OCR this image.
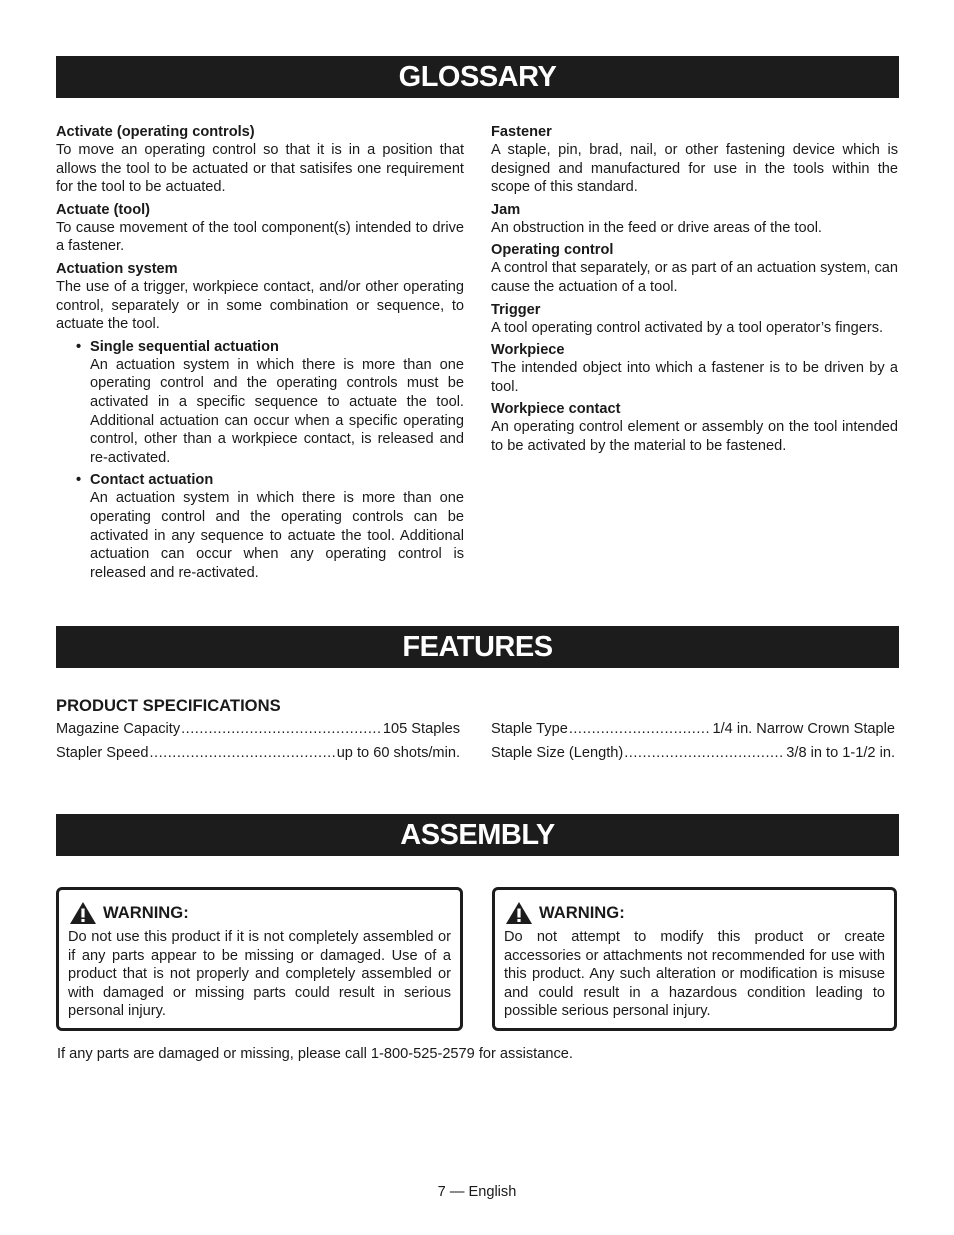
GLOSSARY
Activate (operating controls)
To move an operating control so that it is in a position that allows the tool to be actuated or that satisifes one requirement for the tool to be actuated.
Actuate (tool)
To cause movement of the tool component(s) intended to drive a fastener.
Actuation system
The use of a trigger, workpiece contact, and/or other operating control, separately or in some combination or sequence, to actuate the tool.
• Single sequential actuation
An actuation system in which there is more than one operating control and the operating controls must be activated in a specific sequence to actuate the tool. Additional actuation can occur when a specific operating control, other than a workpiece contact, is released and re-activated.
• Contact actuation
An actuation system in which there is more than one operating control and the operating controls can be activated in any sequence to actuate the tool. Additional actuation can occur when any operating control is released and re-activated.
Fastener
A staple, pin, brad, nail, or other fastening device which is designed and manufactured for use in the tools within the scope of this standard.
Jam
An obstruction in the feed or drive areas of the tool.
Operating control
A control that separately, or as part of an actuation system, can cause the actuation of a tool.
Trigger
A tool operating control activated by a tool operator’s fingers.
Workpiece
The intended object into which a fastener is to be driven by a tool.
Workpiece contact
An operating control element or assembly on the tool intended to be activated by the material to be fastened.
FEATURES
PRODUCT SPECIFICATIONS
Magazine Capacity .....	105 Staples
Stapler Speed .....	up to 60 shots/min.
Staple Type .....	1/4 in. Narrow Crown Staple
Staple Size (Length) .....	3/8 in to 1-1/2 in.
ASSEMBLY
WARNING:
Do not use this product if it is not completely assembled or if any parts appear to be missing or damaged. Use of a product that is not properly and completely assembled or with damaged or missing parts could result in serious personal injury.
WARNING:
Do not attempt to modify this product or create accessories or attachments not recommended for use with this product. Any such alteration or modification is misuse and could result in a hazardous condition leading to possible serious personal injury.
If any parts are damaged or missing, please call 1-800-525-2579 for assistance.
7 — English
